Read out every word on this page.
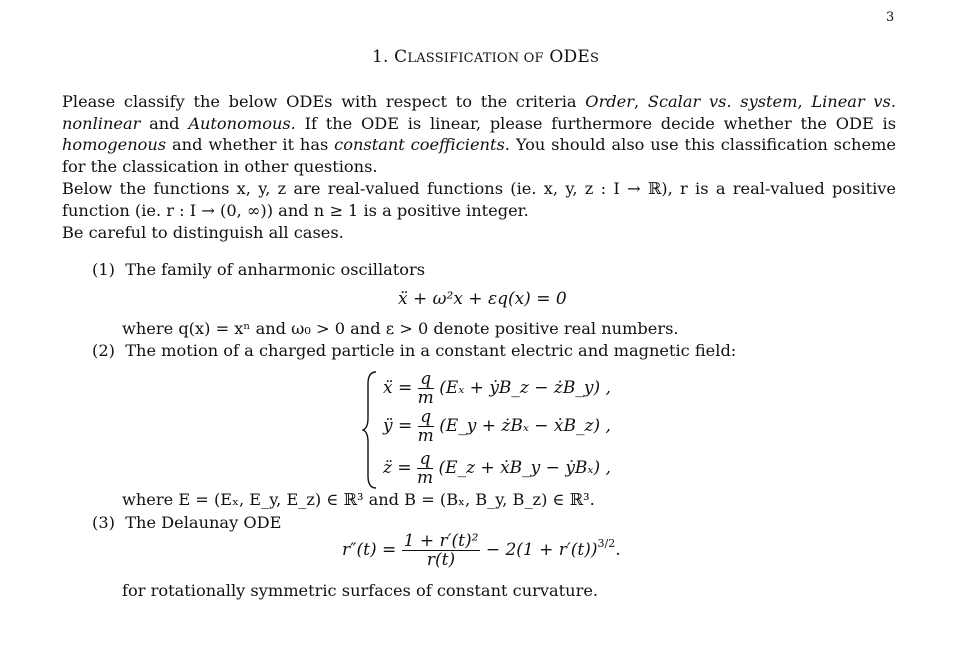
3
1. CLASSIFICATION OF ODES
Please classify the below ODEs with respect to the criteria Order, Scalar vs. system, Linear vs. nonlinear and Autonomous. If the ODE is linear, please furthermore decide whether the ODE is homogenous and whether it has constant coefficients. You should also use this classification scheme for the classication in other questions.
Below the functions x, y, z are real-valued functions (ie. x, y, z : I → ℝ), r is a real-valued positive function (ie. r : I → (0, ∞)) and n ≥ 1 is a positive integer.
Be careful to distinguish all cases.
(1) The family of anharmonic oscillators
ẍ + ω²x + εq(x) = 0
where q(x) = xⁿ and ω₀ > 0 and ε > 0 denote positive real numbers.
(2) The motion of a charged particle in a constant electric and magnetic field:
ẍ = $\frac{q}{m} (E_x$ + ẏB_z − żB_y) ,
ÿ = $\frac{q}{m}$ (E_y + żBₓ − ẋB_z) ,
z̈ = $\frac{q}{m}$ (E_z + ẋB_y − ẏBₓ) ,
where E = (Eₓ, E_y, E_z) ∈ ℝ³ and B = (Bₓ, B_y, B_z) ∈ ℝ³.
(3) The Delaunay ODE
$r''(t) = \frac{\text{1 + r′(t)²}}{r(t)} - 2(1 + r'(t))^{3/2}$.
for rotationally symmetric surfaces of constant curvature.
